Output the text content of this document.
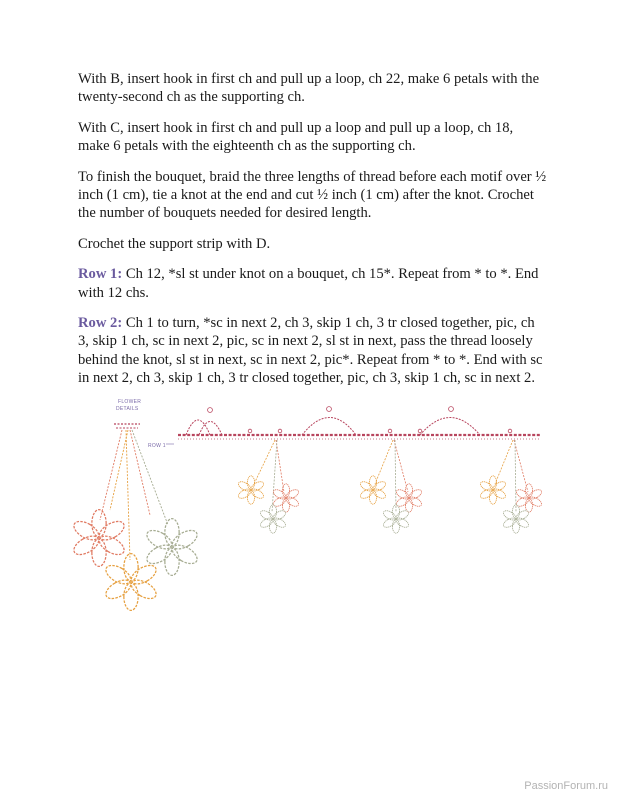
With B, insert hook in first ch and pull up a loop, ch 22, make 6 petals with the twenty-second ch as the supporting ch.

With C, insert hook in first ch and pull up a loop and pull up a loop, ch 18, make 6 petals with the eighteenth ch as the supporting ch.

To finish the bouquet, braid the three lengths of thread before each motif over ½ inch (1 cm), tie a knot at the end and cut ½ inch (1 cm) after the knot. Crochet the number of bouquets needed for desired length.

Crochet the support strip with D.

Row 1: Ch 12, *sl st under knot on a bouquet, ch 15*. Repeat from * to *. End with 12 chs.

Row 2: Ch 1 to turn, *sc in next 2, ch 3, skip 1 ch, 3 tr closed together, pic, ch 3, skip 1 ch, sc in next 2, pic, sc in next 2, sl st in next, pass the thread loosely behind the knot, sl st in next, sc in next 2, pic*. Repeat from * to *. End with sc in next 2, ch 3, skip 1 ch, 3 tr closed together, pic, ch 3, skip 1 ch, sc in next 2.

FLOWER
DETAILS
ROW 1
PassionForum.ru
